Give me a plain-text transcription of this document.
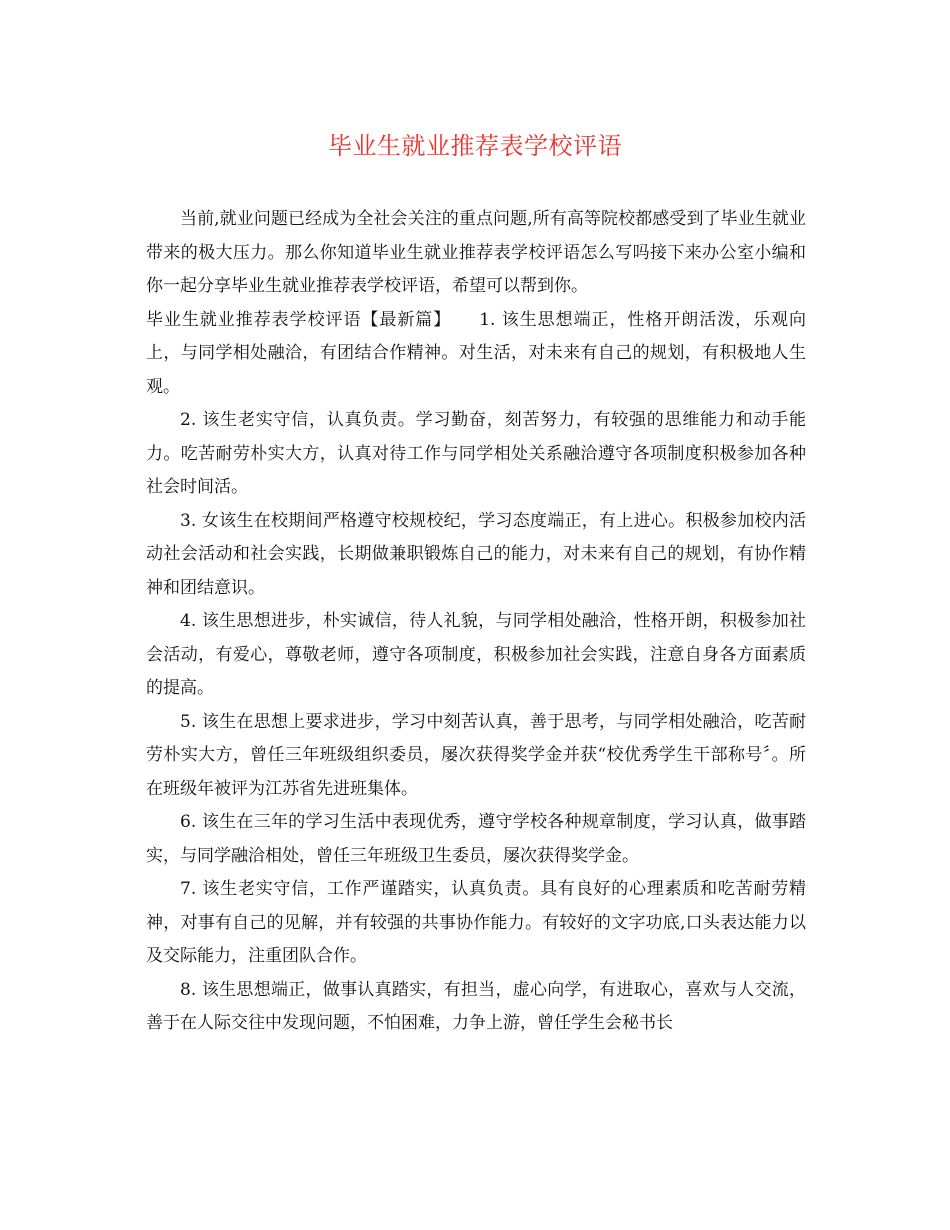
毕业生就业推荐表学校评语

当前,就业问题已经成为全社会关注的重点问题,所有高等院校都感受到了毕业生就业带来的极大压力。那么你知道毕业生就业推荐表学校评语怎么写吗接下来办公室小编和你一起分享毕业生就业推荐表学校评语，希望可以帮到你。

毕业生就业推荐表学校评语【最新篇】 1. 该生思想端正，性格开朗活泼，乐观向上，与同学相处融洽，有团结合作精神。对生活，对未来有自己的规划，有积极地人生观。

2. 该生老实守信，认真负责。学习勤奋，刻苦努力，有较强的思维能力和动手能力。吃苦耐劳朴实大方，认真对待工作与同学相处关系融洽遵守各项制度积极参加各种社会时间活。

3. 女该生在校期间严格遵守校规校纪，学习态度端正，有上进心。积极参加校内活动社会活动和社会实践，长期做兼职锻炼自己的能力，对未来有自己的规划，有协作精神和团结意识。

4. 该生思想进步，朴实诚信，待人礼貌，与同学相处融洽，性格开朗，积极参加社会活动，有爱心，尊敬老师，遵守各项制度，积极参加社会实践，注意自身各方面素质的提高。

5. 该生在思想上要求进步，学习中刻苦认真，善于思考，与同学相处融洽，吃苦耐劳朴实大方，曾任三年班级组织委员，屡次获得奖学金并获“校优秀学生干部称号〞。所在班级年被评为江苏省先进班集体。

6. 该生在三年的学习生活中表现优秀，遵守学校各种规章制度，学习认真，做事踏实，与同学融洽相处，曾任三年班级卫生委员，屡次获得奖学金。

7. 该生老实守信，工作严谨踏实，认真负责。具有良好的心理素质和吃苦耐劳精神，对事有自己的见解，并有较强的共事协作能力。有较好的文字功底,口头表达能力以及交际能力，注重团队合作。

8. 该生思想端正，做事认真踏实，有担当，虚心向学，有进取心，喜欢与人交流，善于在人际交往中发现问题，不怕困难，力争上游，曾任学生会秘书长
